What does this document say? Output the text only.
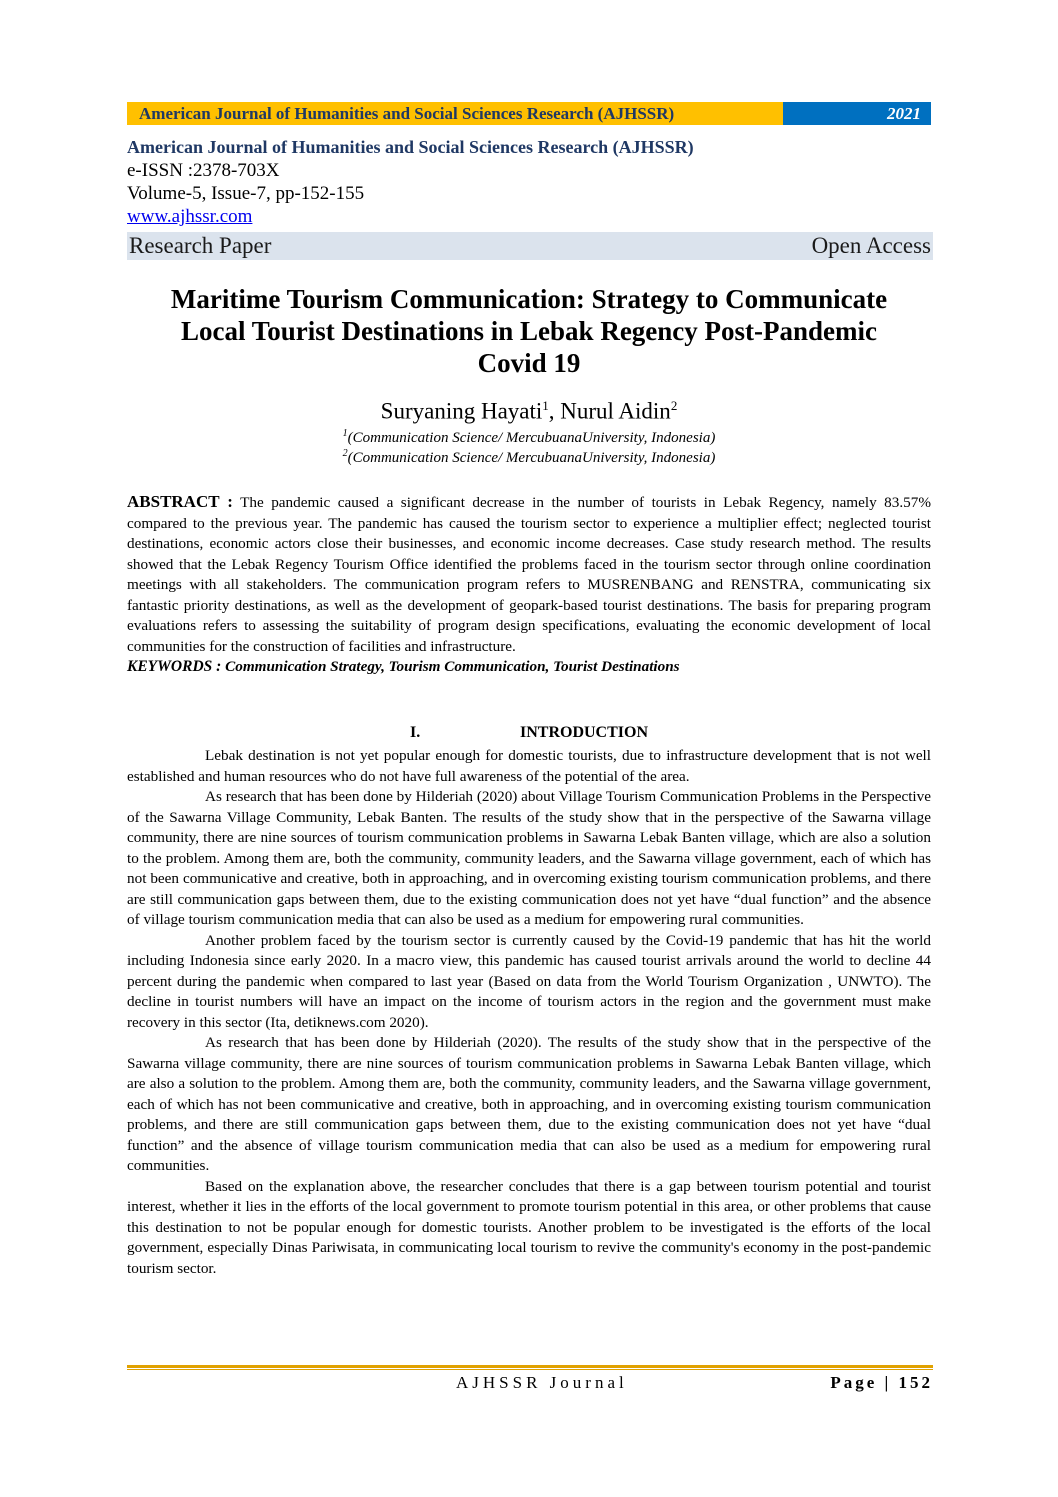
American Journal of Humanities and Social Sciences Research (AJHSSR)	2021
American Journal of Humanities and Social Sciences Research (AJHSSR)
e-ISSN :2378-703X
Volume-5, Issue-7, pp-152-155
www.ajhssr.com
Research Paper	Open Access
Maritime Tourism Communication: Strategy to Communicate
Local Tourist Destinations in Lebak Regency Post-Pandemic
Covid 19
Suryaning Hayati$^1$, Nurul Aidin$^2$
$^1$(Communication Science/ MercubuanaUniversity, Indonesia)
$^2$(Communication Science/ MercubuanaUniversity, Indonesia)
ABSTRACT : The pandemic caused a significant decrease in the number of tourists in Lebak Regency, namely 83.57% compared to the previous year. The pandemic has caused the tourism sector to experience a multiplier effect; neglected tourist destinations, economic actors close their businesses, and economic income decreases. Case study research method. The results showed that the Lebak Regency Tourism Office identified the problems faced in the tourism sector through online coordination meetings with all stakeholders. The communication program refers to MUSRENBANG and RENSTRA, communicating six fantastic priority destinations, as well as the development of geopark-based tourist destinations. The basis for preparing program evaluations refers to assessing the suitability of program design specifications, evaluating the economic development of local communities for the construction of facilities and infrastructure.
KEYWORDS : Communication Strategy, Tourism Communication, Tourist Destinations
I.	INTRODUCTION

Lebak destination is not yet popular enough for domestic tourists, due to infrastructure development that is not well established and human resources who do not have full awareness of the potential of the area.

As research that has been done by Hilderiah (2020) about Village Tourism Communication Problems in the Perspective of the Sawarna Village Community, Lebak Banten. The results of the study show that in the perspective of the Sawarna village community, there are nine sources of tourism communication problems in Sawarna Lebak Banten village, which are also a solution to the problem. Among them are, both the community, community leaders, and the Sawarna village government, each of which has not been communicative and creative, both in approaching, and in overcoming existing tourism communication problems, and there are still communication gaps between them, due to the existing communication does not yet have “dual function” and the absence of village tourism communication media that can also be used as a medium for empowering rural communities.

Another problem faced by the tourism sector is currently caused by the Covid-19 pandemic that has hit the world including Indonesia since early 2020. In a macro view, this pandemic has caused tourist arrivals around the world to decline 44 percent during the pandemic when compared to last year (Based on data from the World Tourism Organization , UNWTO). The decline in tourist numbers will have an impact on the income of tourism actors in the region and the government must make recovery in this sector (Ita, detiknews.com 2020).

As research that has been done by Hilderiah (2020). The results of the study show that in the perspective of the Sawarna village community, there are nine sources of tourism communication problems in Sawarna Lebak Banten village, which are also a solution to the problem. Among them are, both the community, community leaders, and the Sawarna village government, each of which has not been communicative and creative, both in approaching, and in overcoming existing tourism communication problems, and there are still communication gaps between them, due to the existing communication does not yet have “dual function” and the absence of village tourism communication media that can also be used as a medium for empowering rural communities.

Based on the explanation above, the researcher concludes that there is a gap between tourism potential and tourist interest, whether it lies in the efforts of the local government to promote tourism potential in this area, or other problems that cause this destination to not be popular enough for domestic tourists. Another problem to be investigated is the efforts of the local government, especially Dinas Pariwisata, in communicating local tourism to revive the community's economy in the post-pandemic tourism sector.

AJHSSR Journal	Page | 152
